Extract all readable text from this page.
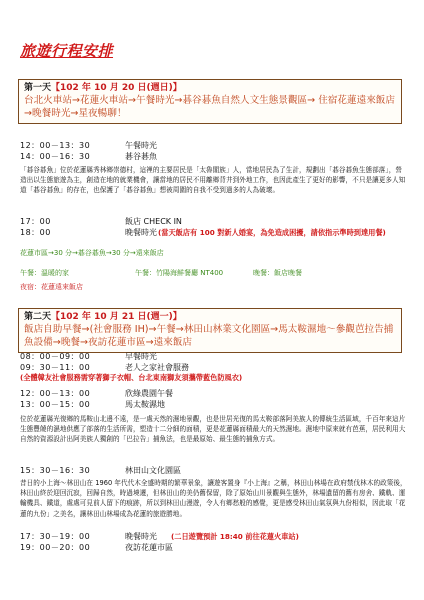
旅遊行程安排
第一天【102 年 10 月 20 日(週日)】
台北火車站→花蓮火車站→午餐時光→碁谷碁魚自然人文生態景觀區→ 住宿花蓮遠來飯店→晚餐時光→星夜暢聊！
12：00－13：30	午餐時光
14：00－16：30	碁谷碁魚
「碁谷碁魚」位於花蓮縣秀林鄉崇德村，這裡的主要居民是「太魯閣族」人，當地居民為了生計，規劃出「碁谷碁魚生態部落」，營造出以生態旅遊為主，創造在地的就業機會，讓當地的居民不用離鄉背井到外地工作，也因此產生了更好的影響，不只是讓更多人知道「碁谷碁魚」的存在，也保護了「碁谷碁魚」想被周圍的自我不受到過多的人為破壞。
17：00	飯店 CHECK IN
18：00	晚餐時光 (當天飯店有 100 對新人婚宴，為免造成困擾，請依指示準時到達用餐)
花蓮市區→30 分→碁谷碁魚→30 分→遠來飯店
午餐：溫暖的家	午餐：竹陽海鮮餐廳 NT400	晚餐：飯店晚餐
夜宿：花蓮遠來飯店
第二天【102 年 10 月 21 日(週一)】
飯店自助早餐→(社會服務 IH)→午餐→林田山林業文化園區→馬太鞍濕地～參觀芭拉告捕魚設備→晚餐→夜訪花蓮市區→遠來飯店
08：00－09：00	早餐時光
09：30－11：00	老人之家社會服務
(全體韓友社會服務需穿著獅子衣帽、台北東南獅友須攜帶藍色防風衣)
12：00－13：00	欣綠農園午餐
13：00－15：00	馬太鞍濕地
位於花蓮縣光復鄉的馬鞍山北邊不遠，是一處天然的濕地景觀，也是世居光復的馬太鞍部落阿美族人的傳統生活區域，千百年來這片生態豐饒的濕地供應了部落的生活所需，塑造十二分細的面積，更是花蓮縣面積最大的天然濕地。濕地中原來就有芭蕉，居民利用大自然的資源設計出阿美族人獨創的「巴拉告」捕魚法，也是最原始、最生態的捕魚方式。
15：30－16：30	林田山文化園區
昔日的小上海～林田山在 1960 年代代木全盛時期的繁華景象，讓遊客置身『小上海』之稱，林田山林場在政府禁伐林木的政策後，林田山終於迎回沉寂，回歸自然，時過境遷，但林田山的美仍舊保留，除了原始山川景觀與生態外，林場遺留的舊有房舍、鐵軌、運輸機具、鐵道，處處可見前人留下的痕跡，所以到林田山漫遊，令人有鄉愁般的感覺，更是感受林田山氣氛與九份相似，因此取「花蓮的九份」之美名，讓林田山林場成為花蓮的旅遊勝地。
17：30－19：00	晚餐時光 (二日遊覽預計 18:40 前往花蓮火車站)
19：00－20：00	夜訪花蓮市區
